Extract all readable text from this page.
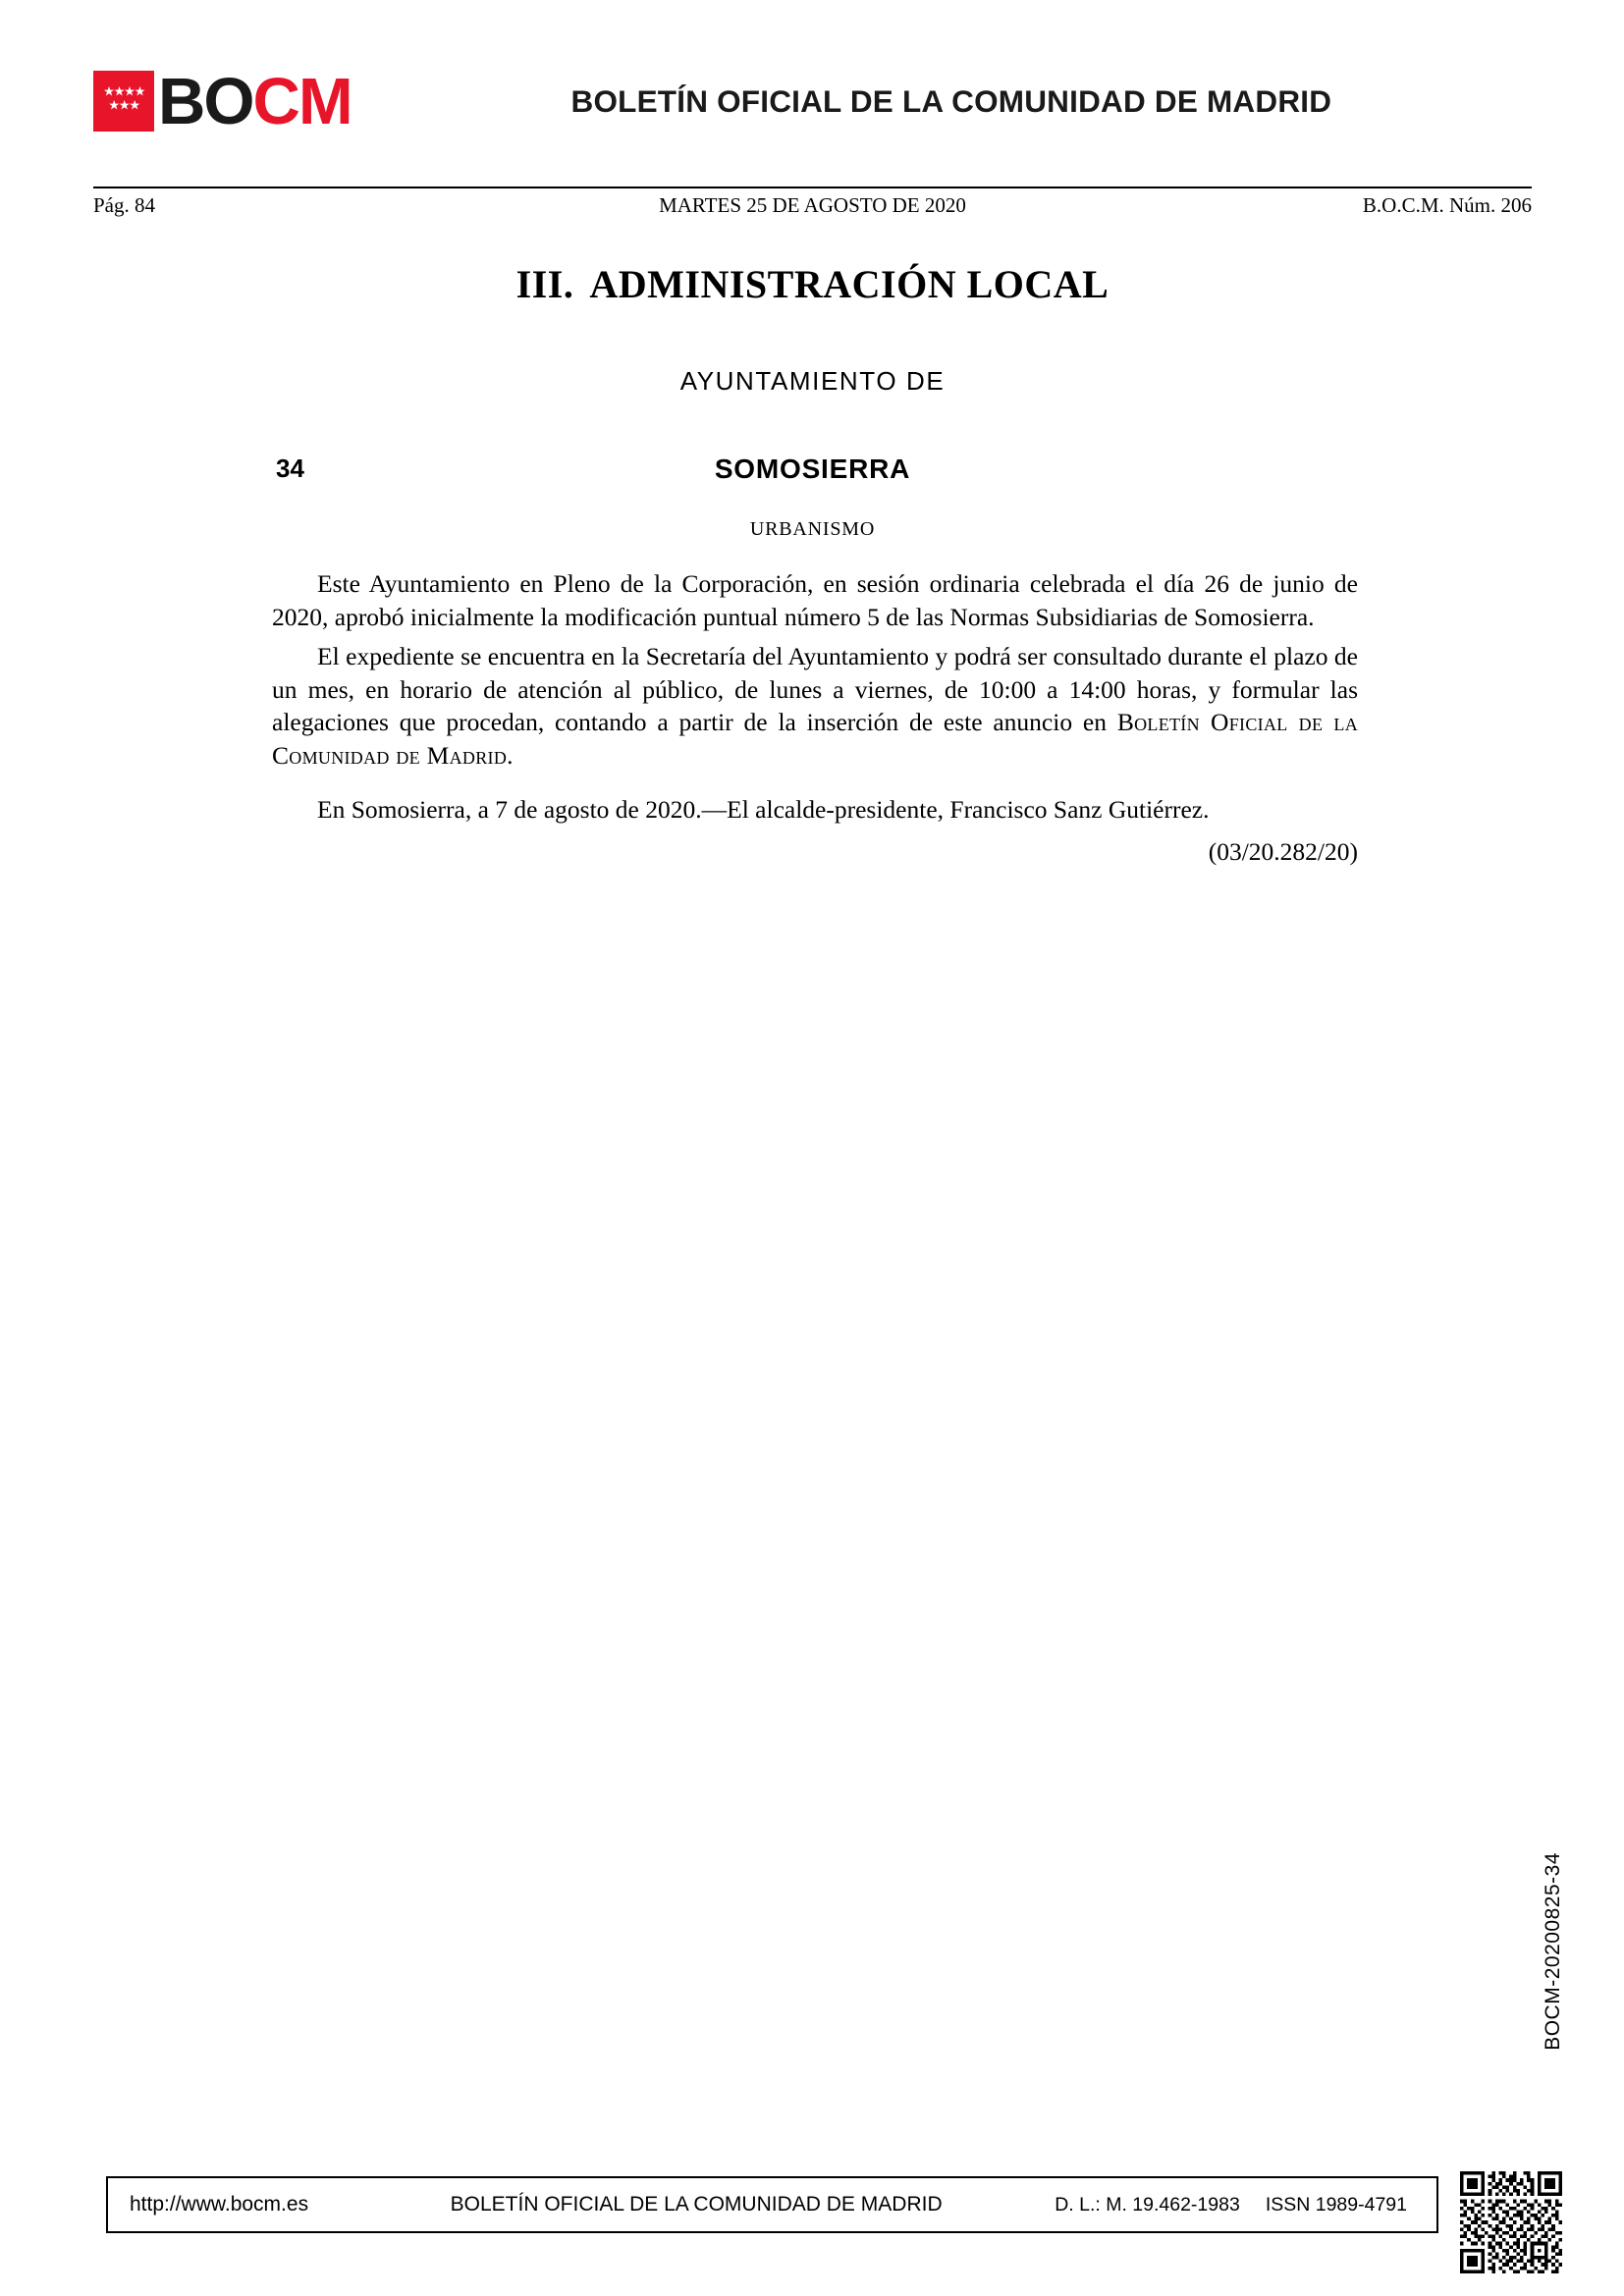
BOCM	BOLETÍN OFICIAL DE LA COMUNIDAD DE MADRID
Pág. 84	MARTES 25 DE AGOSTO DE 2020	B.O.C.M. Núm. 206
III. ADMINISTRACIÓN LOCAL
AYUNTAMIENTO DE
34	SOMOSIERRA
URBANISMO

Este Ayuntamiento en Pleno de la Corporación, en sesión ordinaria celebrada el día 26 de junio de 2020, aprobó inicialmente la modificación puntual número 5 de las Normas Subsidiarias de Somosierra.

El expediente se encuentra en la Secretaría del Ayuntamiento y podrá ser consultado durante el plazo de un mes, en horario de atención al público, de lunes a viernes, de 10:00 a 14:00 horas, y formular las alegaciones que procedan, contando a partir de la inserción de este anuncio en Boletín Oficial de la Comunidad de Madrid.

En Somosierra, a 7 de agosto de 2020.—El alcalde-presidente, Francisco Sanz Gutiérrez.

(03/20.282/20)

BOCM-20200825-34
http://www.bocm.es	BOLETÍN OFICIAL DE LA COMUNIDAD DE MADRID	D. L.: M. 19.462-1983	ISSN 1989-4791
